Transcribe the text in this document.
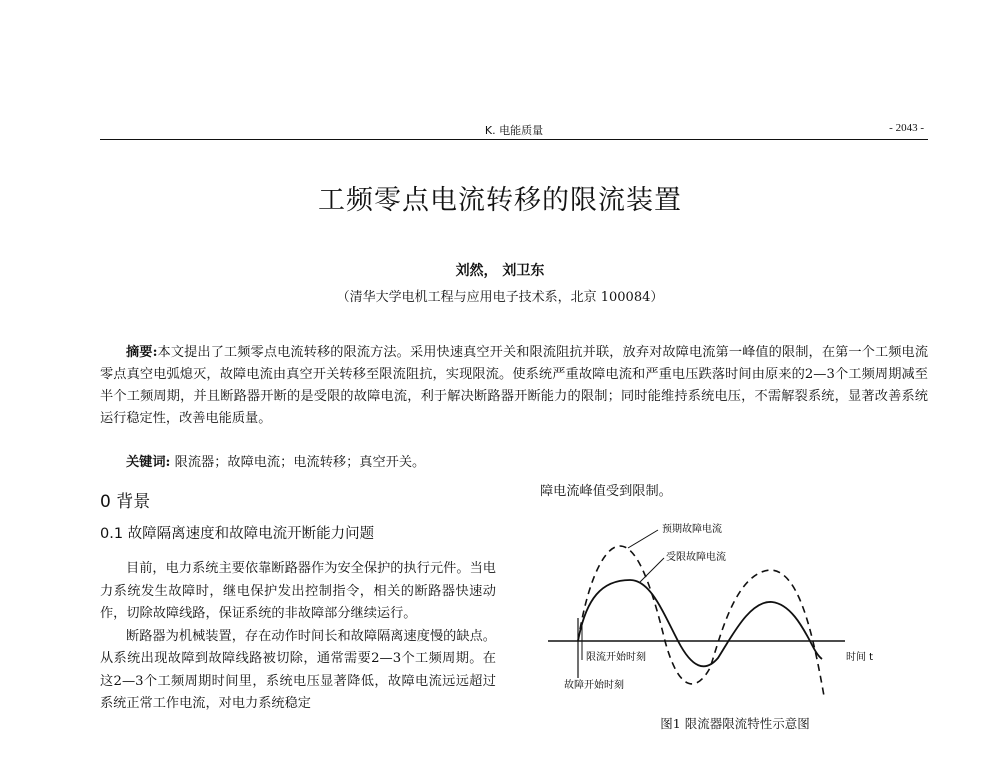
K. 电能质量	- 2043 -
工频零点电流转移的限流装置
刘然， 刘卫东
（清华大学电机工程与应用电子技术系，北京 100084）
摘要:本文提出了工频零点电流转移的限流方法。采用快速真空开关和限流阻抗并联，放弃对故障电流第一峰值的限制，在第一个工频电流零点真空电弧熄灭，故障电流由真空开关转移至限流阻抗，实现限流。使系统严重故障电流和严重电压跌落时间由原来的2—3个工频周期减至半个工频周期，并且断路器开断的是受限的故障电流，利于解决断路器开断能力的限制；同时能维持系统电压，不需解裂系统，显著改善系统运行稳定性，改善电能质量。
关键词: 限流器；故障电流；电流转移；真空开关。
0 背景
0.1 故障隔离速度和故障电流开断能力问题

目前，电力系统主要依靠断路器作为安全保护的执行元件。当电力系统发生故障时，继电保护发出控制指令，相关的断路器快速动作，切除故障线路，保证系统的非故障部分继续运行。

断路器为机械装置，存在动作时间长和故障隔离速度慢的缺点。从系统出现故障到故障线路被切除，通常需要2—3个工频周期。在这2—3个工频周期时间里，系统电压显著降低，故障电流远远超过系统正常工作电流，对电力系统稳定

障电流峰值受到限制。
预期故障电流
受限故障电流
限流开始时刻
故障开始时刻
时间 t
图1 限流器限流特性示意图
